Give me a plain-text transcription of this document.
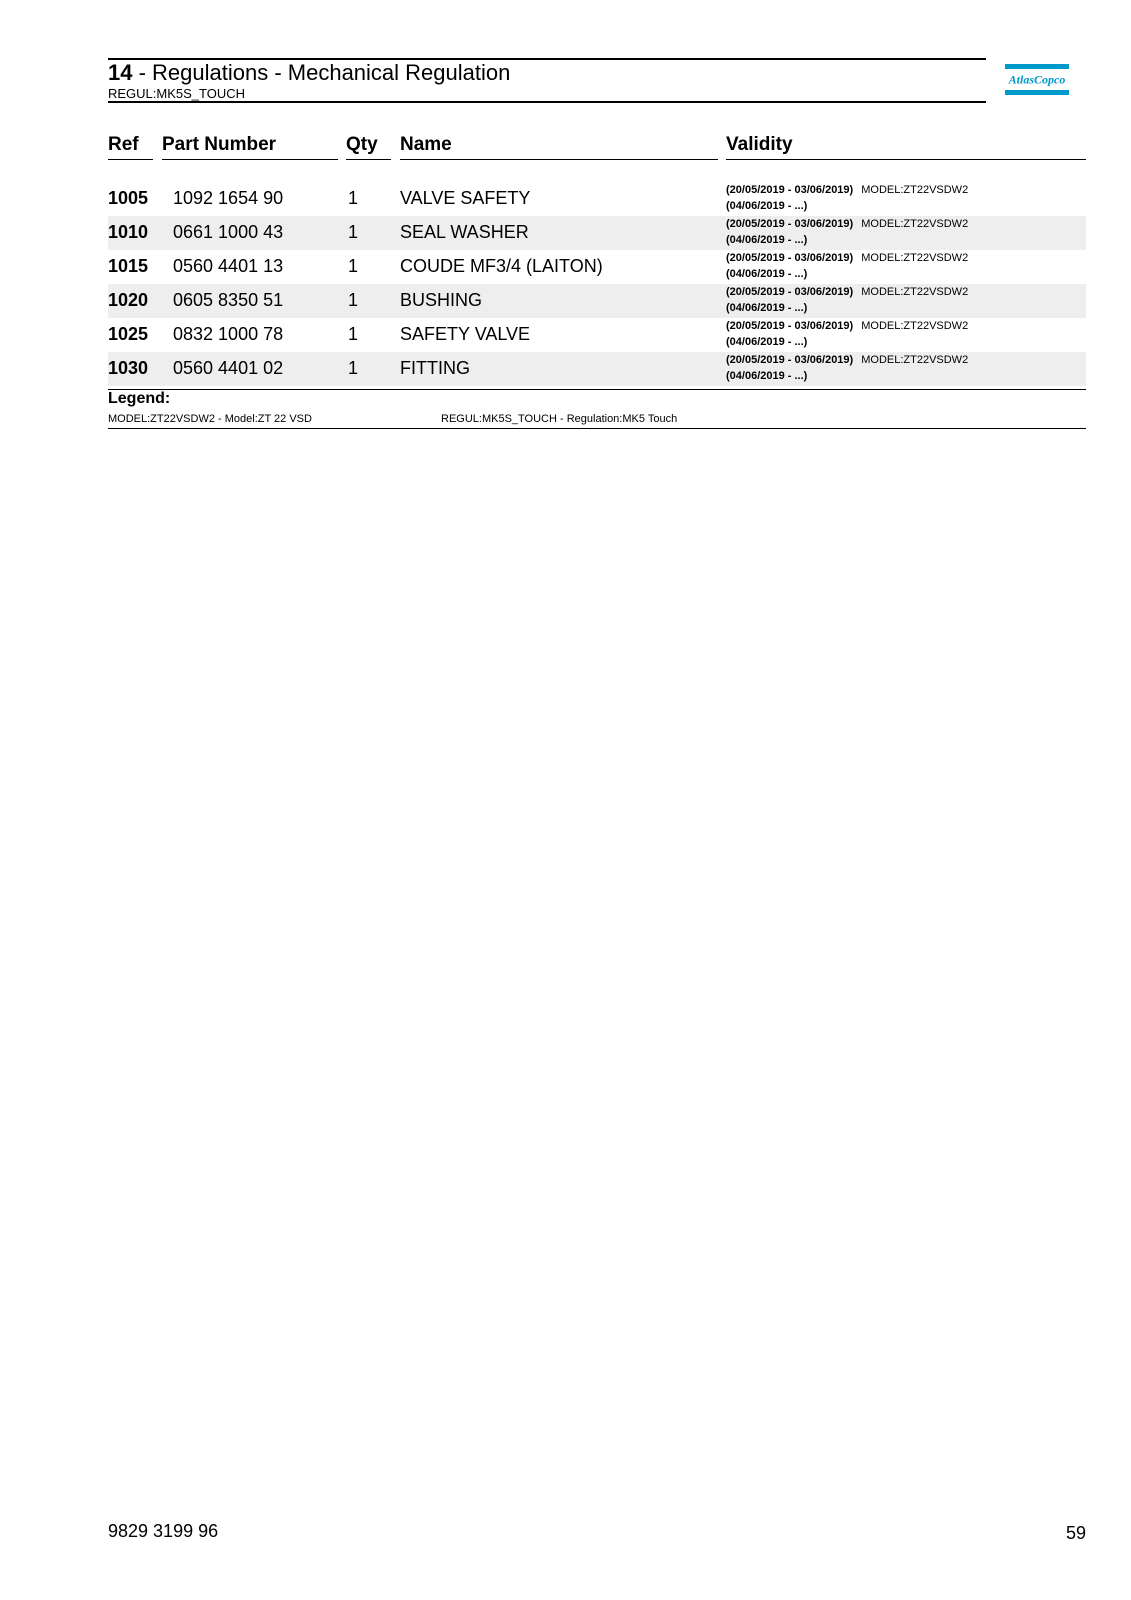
14 - Regulations - Mechanical Regulation
REGUL:MK5S_TOUCH
AtlasCopco
Ref Part Number	Qty Name	Validity
1005 1092 1654 90	1 VALVE SAFETY	(20/05/2019 - 03/06/2019) MODEL:ZT22VSDW2
(04/06/2019 - ...)
1010 0661 1000 43	1 SEAL WASHER	(20/05/2019 - 03/06/2019) MODEL:ZT22VSDW2
(04/06/2019 - ...)
1015 0560 4401 13	1 COUDE MF3/4 (LAITON)	(20/05/2019 - 03/06/2019) MODEL:ZT22VSDW2
(04/06/2019 - ...)
1020 0605 8350 51	1 BUSHING	(20/05/2019 - 03/06/2019) MODEL:ZT22VSDW2
(04/06/2019 - ...)
1025 0832 1000 78	1 SAFETY VALVE	(20/05/2019 - 03/06/2019) MODEL:ZT22VSDW2
(04/06/2019 - ...)
1030 0560 4401 02	1 FITTING	(20/05/2019 - 03/06/2019) MODEL:ZT22VSDW2
(04/06/2019 - ...)
Legend:
MODEL:ZT22VSDW2 - Model:ZT 22 VSD	REGUL:MK5S_TOUCH - Regulation:MK5 Touch
9829 3199 96	59
